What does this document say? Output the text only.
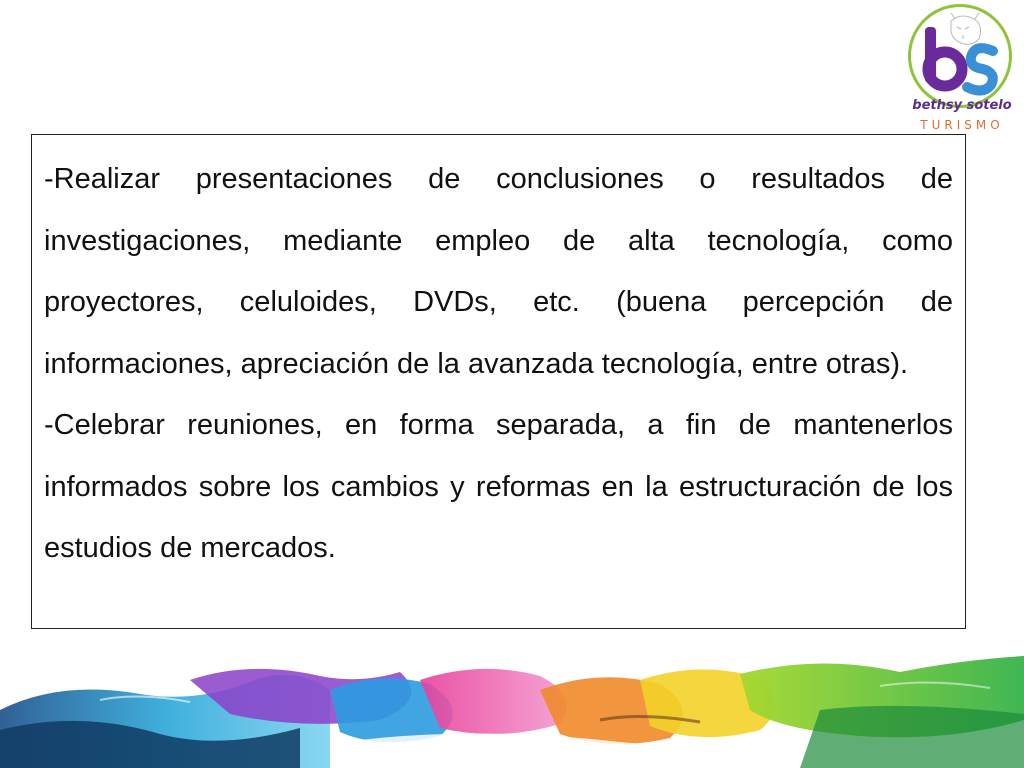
bethsy sotelo
TURISMO

-Realizar presentaciones de conclusiones o resultados de investigaciones, mediante empleo de alta tecnología, como proyectores, celuloides, DVDs, etc. (buena percepción de informaciones, apreciación de la avanzada tecnología, entre otras).

-Celebrar reuniones, en forma separada, a fin de mantenerlos informados sobre los cambios y reformas en la estructuración de los estudios de mercados.
